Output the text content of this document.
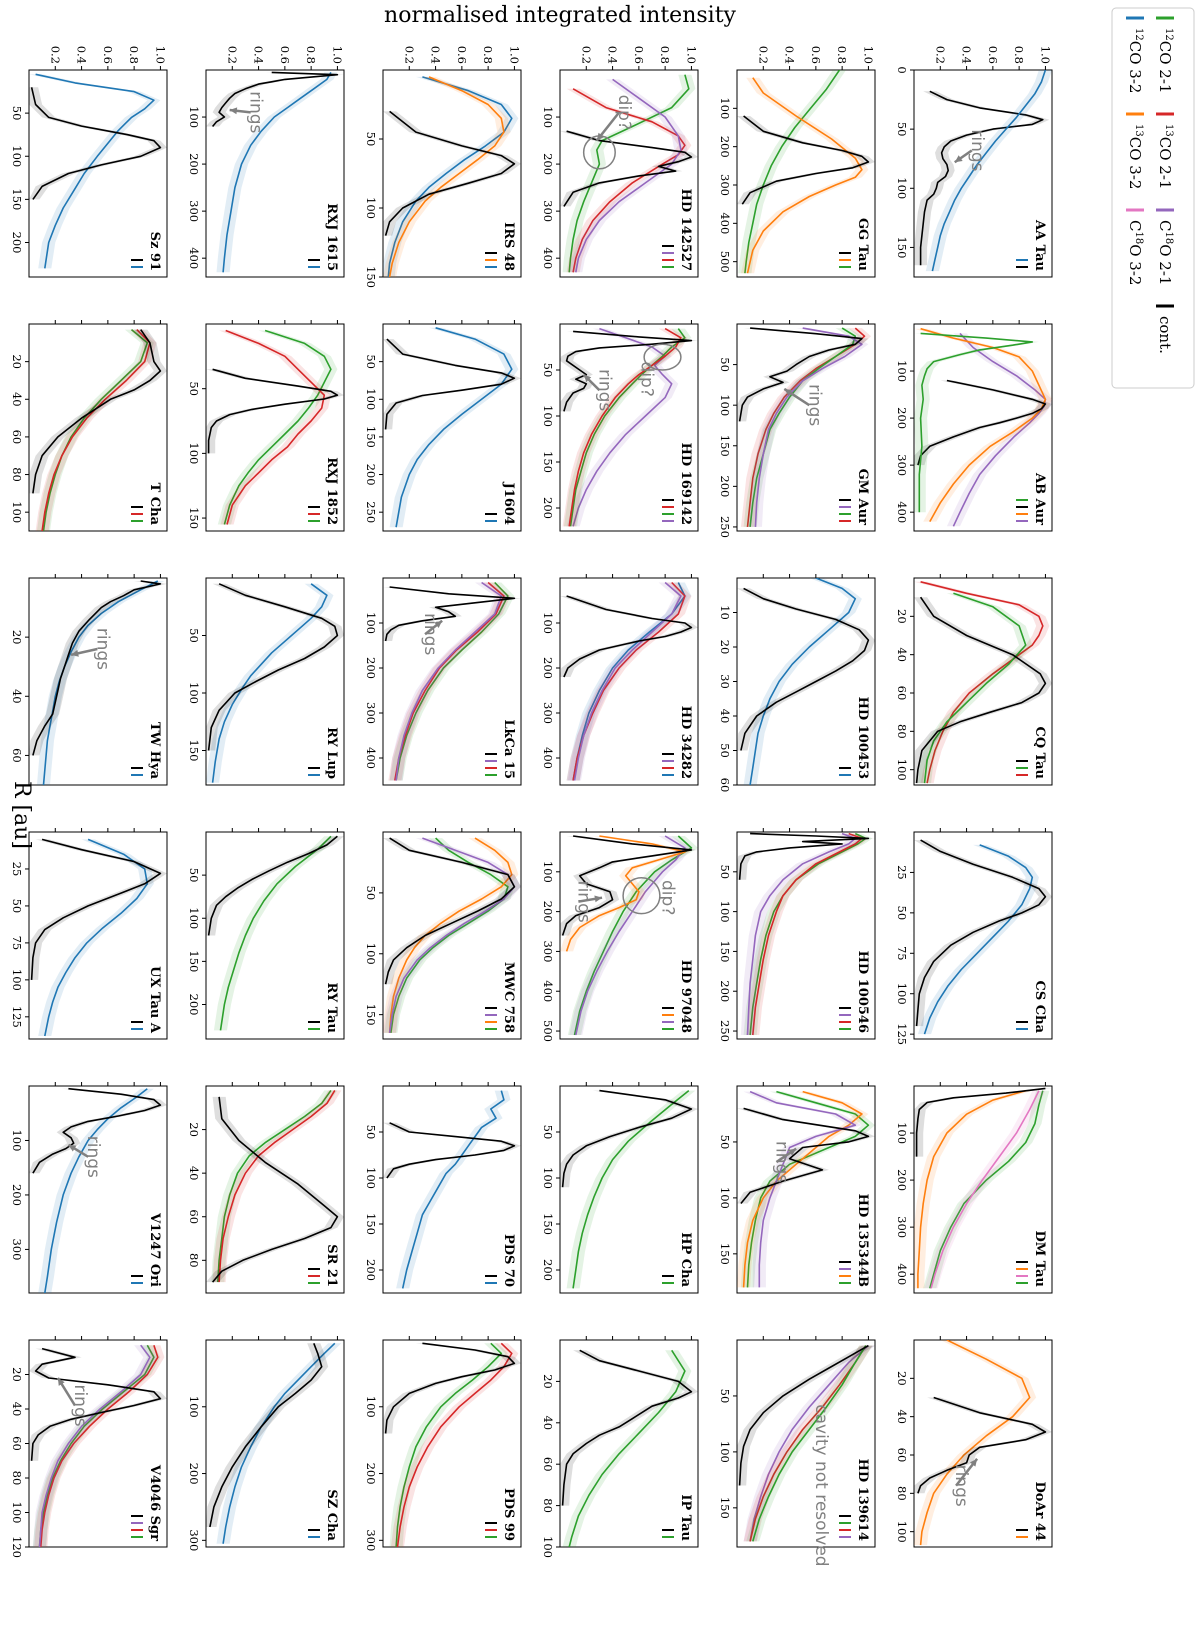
0
50
100
150
0.2 0.4 0.6 0.8 1.0
AA Tau
rings
100
200
300
400	AB Aur
20
40
60
80
100	CQ Tau
25
50
75
100
125
CS Cha
100
200
300
400	DM Tau
20
40
60
80
100	DoAr 44
rings
100
200
300
400
500
0.2 0.4 0.6 0.8 1.0
GG Tau
50
100
150
200
250
GM Aur
rings
10
20
30
40
50
60
HD 100453
50
100
150
200
250	HD 100546
50
100
150	HD 135344B
rings
50
100
150	HD 139614
cavity not resolved
100
200
300
400
0.2 0.4 0.6 0.8 1.0
HD 142527
dip?
50
100
150
200	HD 169142
dip?
rings
100
200
300
400	HD 34282
100
200
300
400
500	HD 97048
dip?
rings
50
100
150
200	HP Cha
20
40
60
80
100
IP Tau
50
100
150
0.2 0.4 0.6 0.8 1.0
IRS 48
50
100
150
200
250	J1604
100
200
300
400	LkCa 15
rings
50
100
150	MWC 758
50
100
150
200	PDS 70
100
200
300	PDS 99
100
200
300
400
0.2 0.4 0.6 0.8 1.0
RXJ 1615
rings
50
100
150	RXJ 1852
50
100
150	RY Lup
50
100
150
200	RY Tau
20
40
60
80	SR 21
100
200
300	SZ Cha
50
100
150
200
0.2 0.4 0.6 0.8 1.0
Sz 91
20
40
60
80
100	T Cha
20
40
60	TW Hya
rings
25
50
75
100
125	UX Tau A
100
200
300	V1247 Ori
rings
20
40
60
80
100
120
V4046 Sgr
rings
$^{12}$CO 2-1
$^{12}$CO 3-2
$^{13}$CO 2-1
$^{13}$CO 3-2
$C^{18}O$ 2-1
$C^{18}O$ 3-2
cont.
R [au]
normalised integrated intensity
